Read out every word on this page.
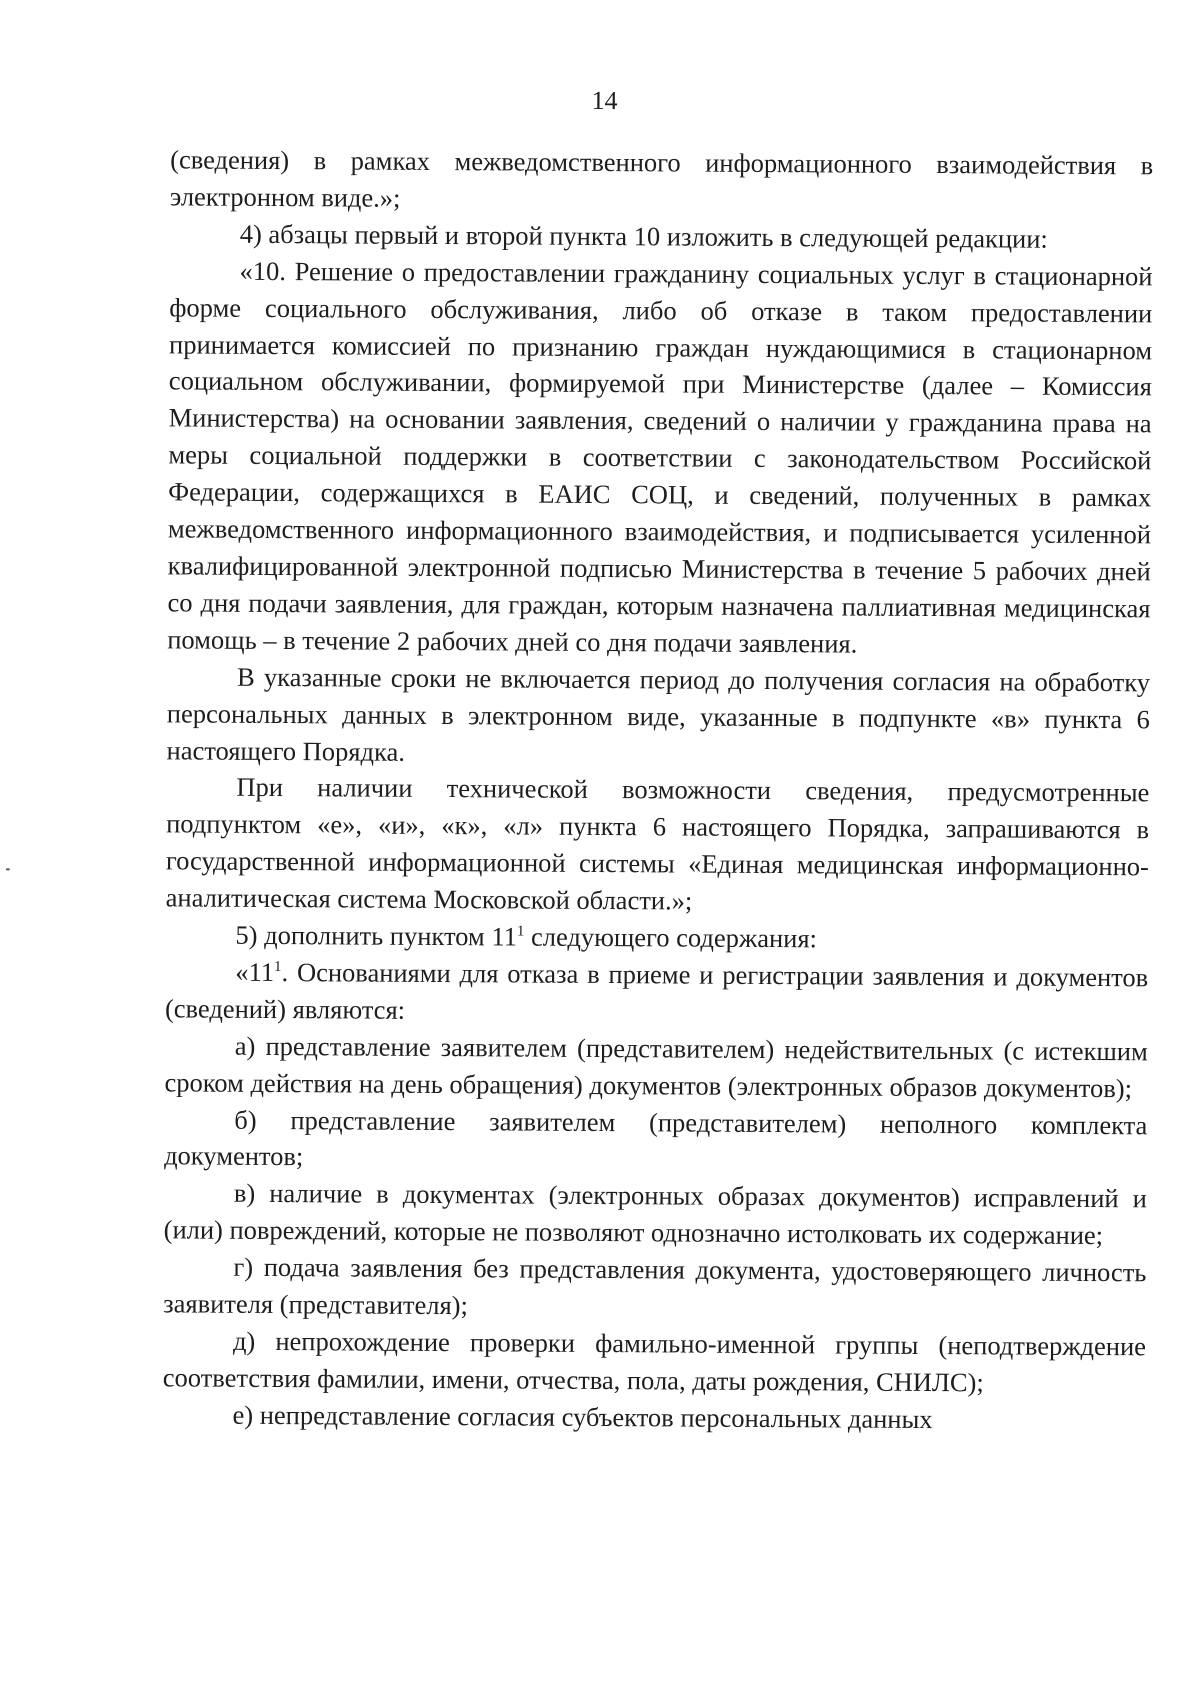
14

(сведения) в рамках межведомственного информационного взаимодействия в электронном виде.»;

4) абзацы первый и второй пункта 10 изложить в следующей редакции:

«10. Решение о предоставлении гражданину социальных услуг в стационарной форме социального обслуживания, либо об отказе в таком предоставлении принимается комиссией по признанию граждан нуждающимися в стационарном социальном обслуживании, формируемой при Министерстве (далее – Комиссия Министерства) на основании заявления, сведений о наличии у гражданина права на меры социальной поддержки в соответствии с законодательством Российской Федерации, содержащихся в ЕАИС СОЦ, и сведений, полученных в рамках межведомственного информационного взаимодействия, и подписывается усиленной квалифицированной электронной подписью Министерства в течение 5 рабочих дней со дня подачи заявления, для граждан, которым назначена паллиативная медицинская помощь – в течение 2 рабочих дней со дня подачи заявления.

В указанные сроки не включается период до получения согласия на обработку персональных данных в электронном виде, указанные в подпункте «в» пункта 6 настоящего Порядка.

При наличии технической возможности сведения, предусмотренные подпунктом «е», «и», «к», «л» пункта 6 настоящего Порядка, запрашиваются в государственной информационной системы «Единая медицинская информационно-аналитическая система Московской области.»;

5) дополнить пунктом $11^1$ следующего содержания:

«$11^1$. Основаниями для отказа в приеме и регистрации заявления и документов (сведений) являются:

а) представление заявителем (представителем) недействительных (с истекшим сроком действия на день обращения) документов (электронных образов документов);

б) представление заявителем (представителем) неполного комплекта документов;

в) наличие в документах (электронных образах документов) исправлений и (или) повреждений, которые не позволяют однозначно истолковать их содержание;

г) подача заявления без представления документа, удостоверяющего личность заявителя (представителя);

д) непрохождение проверки фамильно-именной группы (неподтверждение соответствия фамилии, имени, отчества, пола, даты рождения, СНИЛС);

е) непредставление согласия субъектов персональных данных
